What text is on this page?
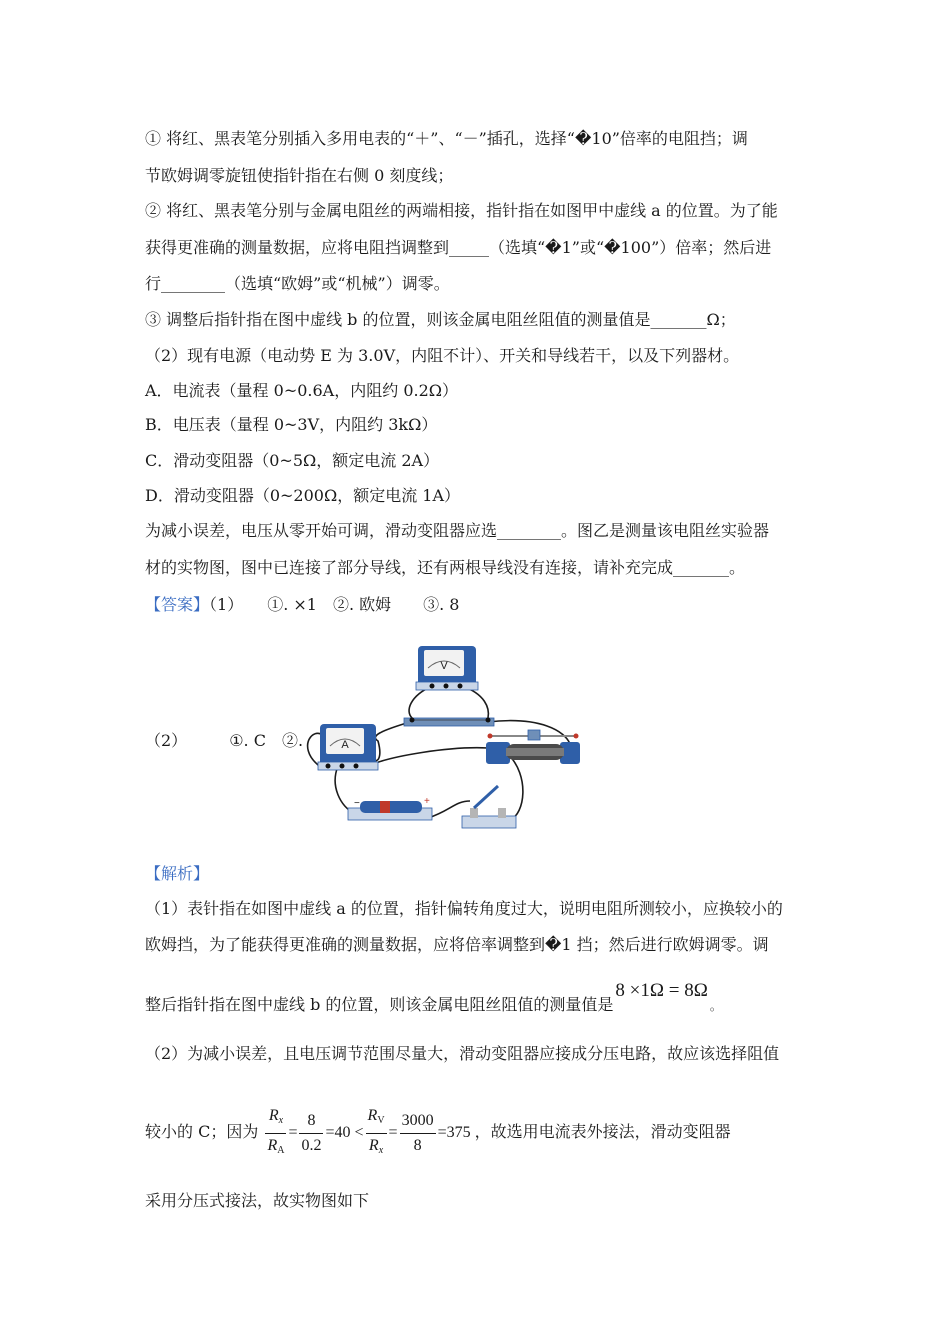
① 将红、黑表笔分别插入多用电表的“＋”、“－”插孔，选择“�10”倍率的电阻挡；调
节欧姆调零旋钮使指针指在右侧 0 刻度线；
② 将红、黑表笔分别与金属电阻丝的两端相接，指针指在如图甲中虚线 a 的位置。为了能
获得更准确的测量数据，应将电阻挡调整到_____（选填“�1”或“�100”）倍率；然后进
行________（选填“欧姆”或“机械”）调零。
③ 调整后指针指在图中虚线 b 的位置，则该金属电阻丝阻值的测量值是_______Ω；
（2）现有电源（电动势 E 为 3.0V，内阻不计）、开关和导线若干，以及下列器材。
A．电流表（量程 0~0.6A，内阻约 0.2Ω）
B．电压表（量程 0~3V，内阻约 3kΩ）
C．滑动变阻器（0~5Ω，额定电流 2A）
D．滑动变阻器（0~200Ω，额定电流 1A）
为减小误差，电压从零开始可调，滑动变阻器应选________。图乙是测量该电阻丝实验器
材的实物图，图中已连接了部分导线，还有两根导线没有连接，请补充完成_______。
【答案】（1）　　①. ×1　②. 欧姆　　③. 8
（2）	①. C　②.
V
A
−	+
【解析】
（1）表针指在如图中虚线 a 的位置，指针偏转角度过大，说明电阻所测较小，应换较小的
欧姆挡，为了能获得更准确的测量数据，应将倍率调整到�1 挡；然后进行欧姆调零。调
整后指针指在图中虚线 b 的位置，则该金属电阻丝阻值的测量值是8 ×1Ω = 8Ω。
（2）为减小误差，且电压调节范围尽量大，滑动变阻器应接成分压电路，故应该选择阻值
较小的 C；因为 $\frac{R_x}{R_A} = \frac{8}{0.2} =40 < \frac{R_V}{R_x} = \frac{3000}{8} =375$ ，故选用电流表外接法，滑动变阻器
采用分压式接法，故实物图如下
